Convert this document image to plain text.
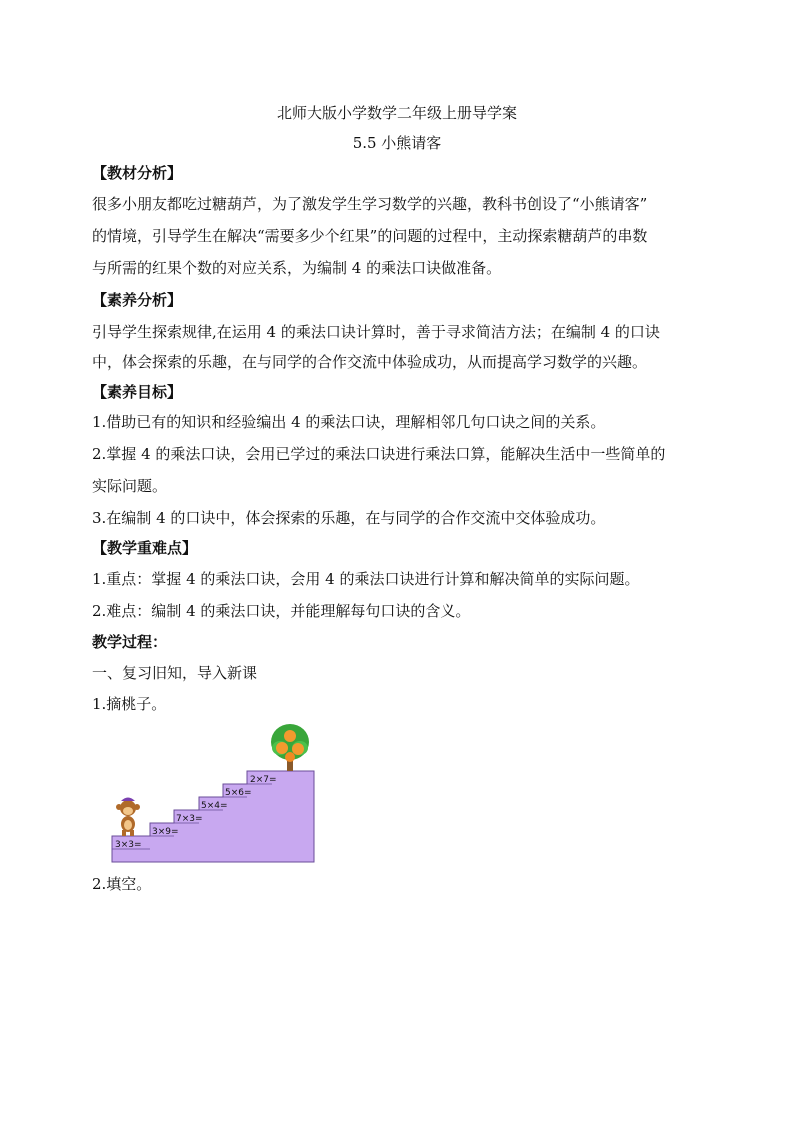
北师大版小学数学二年级上册导学案
5.5 小熊请客
【教材分析】
很多小朋友都吃过糖葫芦，为了激发学生学习数学的兴趣，教科书创设了“小熊请客”
的情境，引导学生在解决“需要多少个红果”的问题的过程中，主动探索糖葫芦的串数
与所需的红果个数的对应关系，为编制 4 的乘法口诀做准备。
【素养分析】
引导学生探索规律,在运用 4 的乘法口诀计算时，善于寻求简洁方法；在编制 4 的口诀
中，体会探索的乐趣，在与同学的合作交流中体验成功，从而提高学习数学的兴趣。
【素养目标】
1.借助已有的知识和经验编出 4 的乘法口诀，理解相邻几句口诀之间的关系。
2.掌握 4 的乘法口诀，会用已学过的乘法口诀进行乘法口算，能解决生活中一些简单的
实际问题。
3.在编制 4 的口诀中，体会探索的乐趣，在与同学的合作交流中交体验成功。
【教学重难点】
1.重点：掌握 4 的乘法口诀，会用 4 的乘法口诀进行计算和解决简单的实际问题。
2.难点：编制 4 的乘法口诀，并能理解每句口诀的含义。
教学过程：
一、复习旧知，导入新课
1.摘桃子。
3×3=
3×9=
7×3=
5×4=
5×6=
2×7=
2.填空。
